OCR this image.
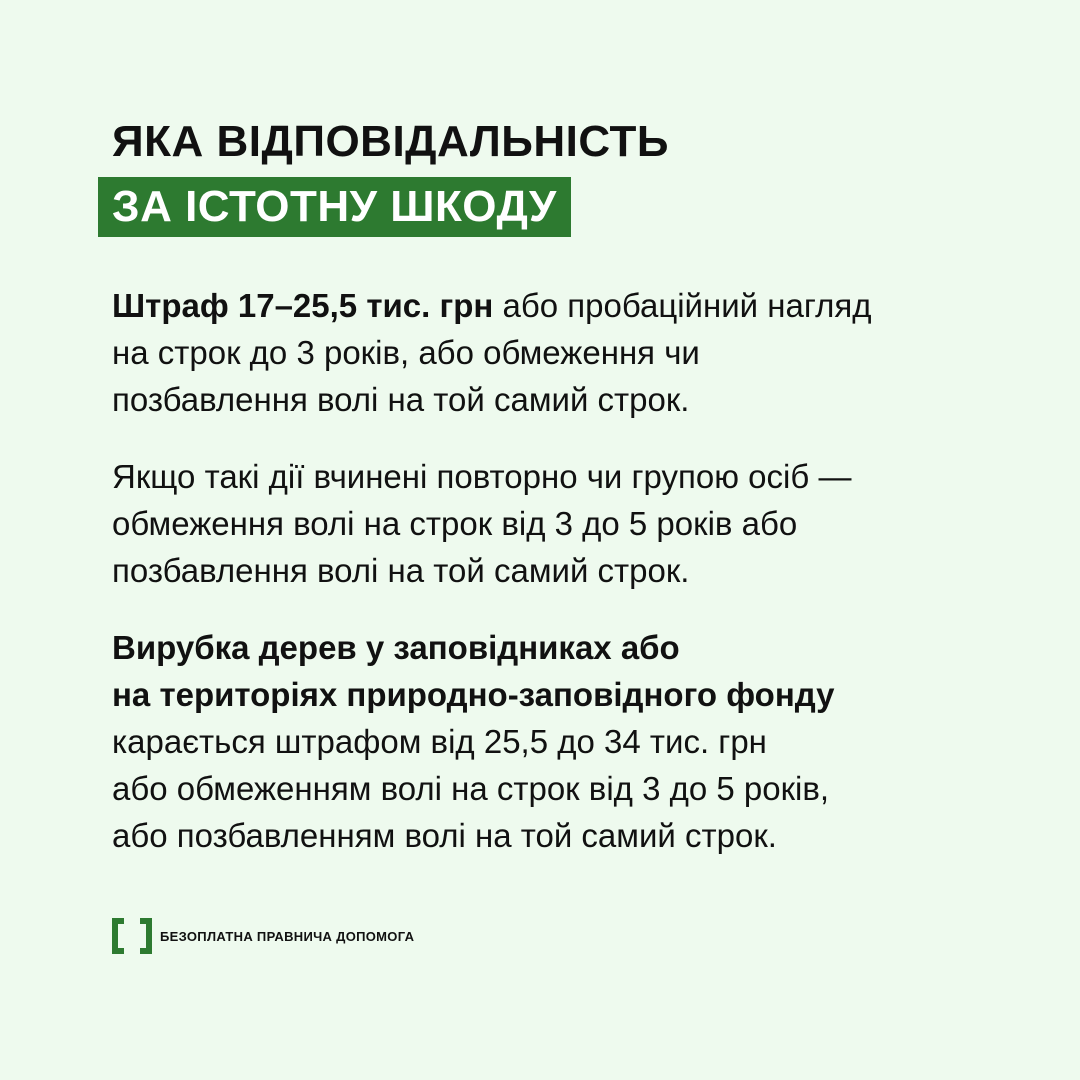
ЯКА ВІДПОВІДАЛЬНІСТЬ
ЗА ІСТОТНУ ШКОДУ
Штраф 17–25,5 тис. грн або пробаційний нагляд
на строк до 3 років, або обмеження чи
позбавлення волі на той самий строк.
Якщо такі дії вчинені повторно чи групою осіб —
обмеження волі на строк від 3 до 5 років або
позбавлення волі на той самий строк.
Вирубка дерев у заповідниках або
на територіях природно-заповідного фонду
карається штрафом від 25,5 до 34 тис. грн
або обмеженням волі на строк від 3 до 5 років,
або позбавленням волі на той самий строк.
БЕЗОПЛАТНА ПРАВНИЧА ДОПОМОГА
